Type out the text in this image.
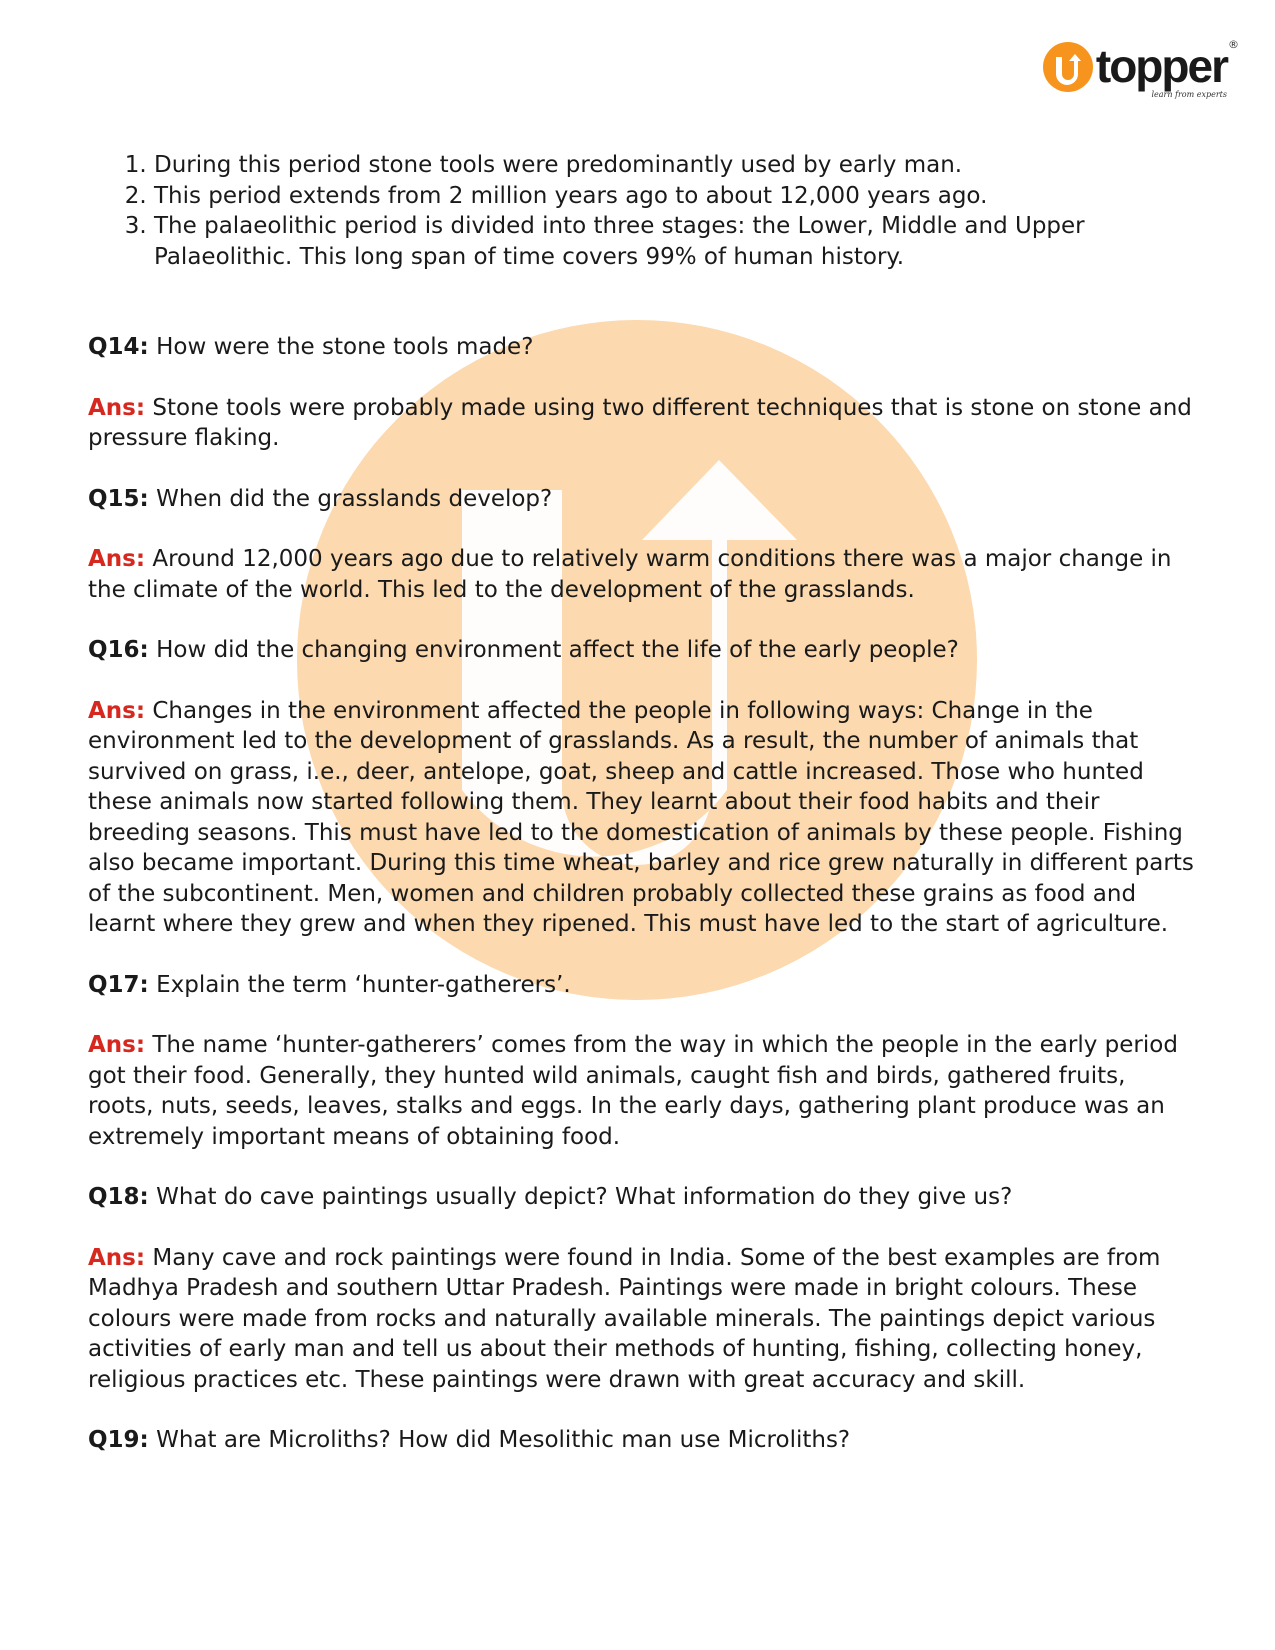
topper ®
learn from experts
1. During this period stone tools were predominantly used by early man.
2. This period extends from 2 million years ago to about 12,000 years ago.
3. The palaeolithic period is divided into three stages: the Lower, Middle and Upper Palaeolithic. This long span of time covers 99% of human history.

Q14: How were the stone tools made?

Ans: Stone tools were probably made using two different techniques that is stone on stone and pressure flaking.

Q15: When did the grasslands develop?

Ans: Around 12,000 years ago due to relatively warm conditions there was a major change in the climate of the world. This led to the development of the grasslands.

Q16: How did the changing environment affect the life of the early people?

Ans: Changes in the environment affected the people in following ways: Change in the environment led to the development of grasslands. As a result, the number of animals that survived on grass, i.e., deer, antelope, goat, sheep and cattle increased. Those who hunted these animals now started following them. They learnt about their food habits and their breeding seasons. This must have led to the domestication of animals by these people. Fishing also became important. During this time wheat, barley and rice grew naturally in different parts of the subcontinent. Men, women and children probably collected these grains as food and learnt where they grew and when they ripened. This must have led to the start of agriculture.

Q17: Explain the term ‘hunter-gatherers’.

Ans: The name ‘hunter-gatherers’ comes from the way in which the people in the early period got their food. Generally, they hunted wild animals, caught fish and birds, gathered fruits, roots, nuts, seeds, leaves, stalks and eggs. In the early days, gathering plant produce was an extremely important means of obtaining food.

Q18: What do cave paintings usually depict? What information do they give us?

Ans: Many cave and rock paintings were found in India. Some of the best examples are from Madhya Pradesh and southern Uttar Pradesh. Paintings were made in bright colours. These colours were made from rocks and naturally available minerals. The paintings depict various activities of early man and tell us about their methods of hunting, fishing, collecting honey, religious practices etc. These paintings were drawn with great accuracy and skill.

Q19: What are Microliths? How did Mesolithic man use Microliths?
